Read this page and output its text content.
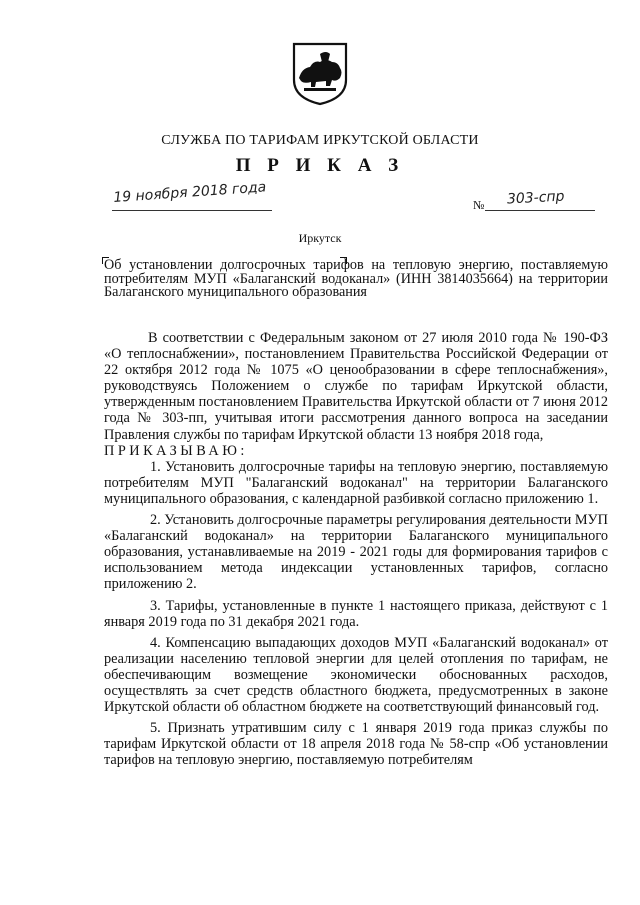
СЛУЖБА ПО ТАРИФАМ ИРКУТСКОЙ ОБЛАСТИ
П Р И К А З
19 ноября 2018 года	№ 303-спр
Иркутск
Об установлении долгосрочных тарифов на тепловую энергию, поставляемую потребителям МУП «Балаганский водоканал» (ИНН 3814035664) на территории Балаганского муниципального образования

В соответствии с Федеральным законом от 27 июля 2010 года № 190-ФЗ «О теплоснабжении», постановлением Правительства Российской Федерации от 22 октября 2012 года № 1075 «О ценообразовании в сфере теплоснабжения», руководствуясь Положением о службе по тарифам Иркутской области, утвержденным постановлением Правительства Иркутской области от 7 июня 2012 года № 303-пп, учитывая итоги рассмотрения данного вопроса на заседании Правления службы по тарифам Иркутской области 13 ноября 2018 года,

ПРИКАЗЫВАЮ:

1. Установить долгосрочные тарифы на тепловую энергию, поставляемую потребителям МУП "Балаганский водоканал" на территории Балаганского муниципального образования, с календарной разбивкой согласно приложению 1.

2. Установить долгосрочные параметры регулирования деятельности МУП «Балаганский водоканал» на территории Балаганского муниципального образования, устанавливаемые на 2019 - 2021 годы для формирования тарифов с использованием метода индексации установленных тарифов, согласно приложению 2.

3. Тарифы, установленные в пункте 1 настоящего приказа, действуют с 1 января 2019 года по 31 декабря 2021 года.

4. Компенсацию выпадающих доходов МУП «Балаганский водоканал» от реализации населению тепловой энергии для целей отопления по тарифам, не обеспечивающим возмещение экономически обоснованных расходов, осуществлять за счет средств областного бюджета, предусмотренных в законе Иркутской области об областном бюджете на соответствующий финансовый год.

5. Признать утратившим силу с 1 января 2019 года приказ службы по тарифам Иркутской области от 18 апреля 2018 года № 58-спр «Об установлении тарифов на тепловую энергию, поставляемую потребителям
